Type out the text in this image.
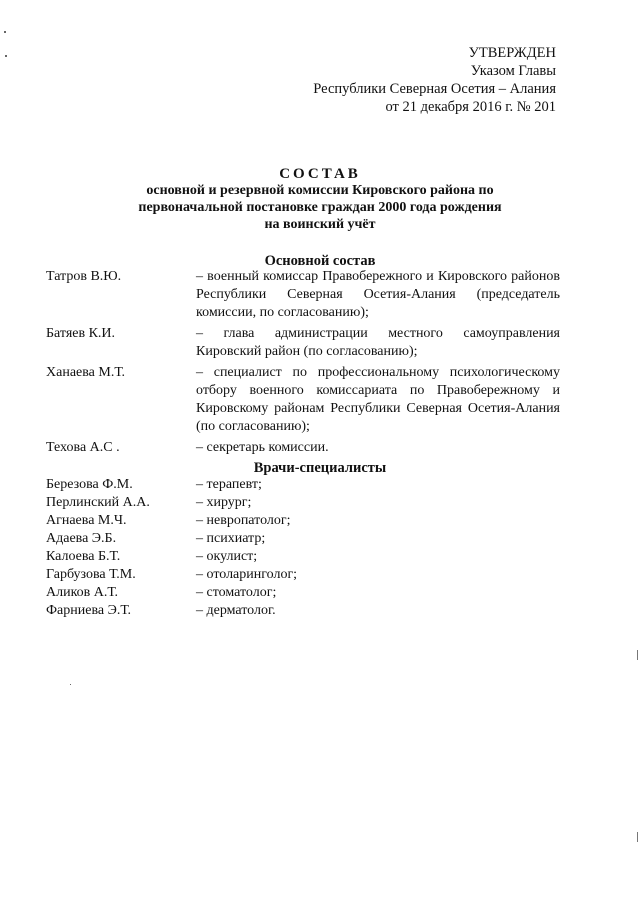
УТВЕРЖДЕН
Указом Главы
Республики Северная Осетия – Алания
от 21 декабря 2016 г. № 201
СОСТАВ
основной и резервной комиссии Кировского района по
первоначальной постановке граждан 2000 года рождения
на воинский учёт
Основной состав
Татров В.Ю.	– военный комиссар Правобережного и Кировского районов Республики Северная Осетия-Алания (председатель комиссии, по согласованию);
Батяев К.И.	– глава администрации местного самоуправления Кировский район (по согласованию);
Ханаева М.Т.	– специалист по профессиональному психологическому отбору военного комиссариата по Правобережному и Кировскому районам Республики Северная Осетия-Алания (по согласованию);
Техова А.С .	– секретарь комиссии.
Врачи-специалисты
Березова Ф.М.	– терапевт;
Перлинский А.А.	– хирург;
Агнаева М.Ч.	– невропатолог;
Адаева Э.Б.	– психиатр;
Калоева Б.Т.	– окулист;
Гарбузова Т.М.	– отоларинголог;
Аликов А.Т.	– стоматолог;
Фарниева Э.Т.	– дерматолог.
